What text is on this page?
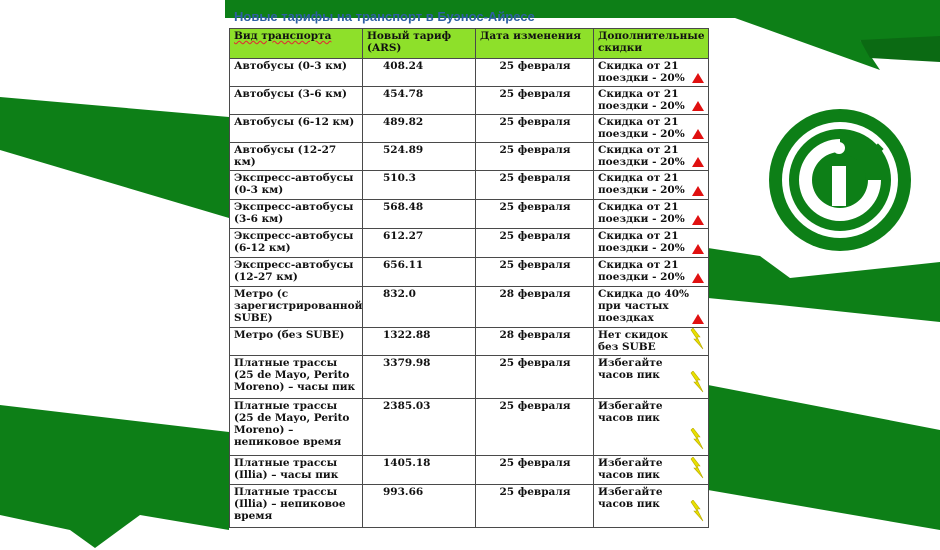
Новые тарифы на транспорт в Буэнос-Айресе
Вид транспорта	Новый тариф (ARS)	Дата изменения	Дополнительные скидки
Автобусы (0-3 км)	408.24	25 февраля	Скидка от 21 поездки - 20%

Автобусы (3-6 км)	454.78	25 февраля	Скидка от 21 поездки - 20%

Автобусы (6-12 км)	489.82	25 февраля	Скидка от 21 поездки - 20%

Автобусы (12-27 км)	524.89	25 февраля	Скидка от 21 поездки - 20%

Экспресс-автобусы (0-3 км)	510.3	25 февраля	Скидка от 21 поездки - 20%

Экспресс-автобусы (3-6 км)	568.48	25 февраля	Скидка от 21 поездки - 20%

Экспресс-автобусы (6-12 км)	612.27	25 февраля	Скидка от 21 поездки - 20%

Экспресс-автобусы (12-27 км)	656.11	25 февраля	Скидка от 21 поездки - 20%

Метро (с зарегистрированной SUBE)	832.0	28 февраля	Скидка до 40% при частых поездках

Метро (без SUBE)	1322.88	28 февраля	Нет скидок без SUBE

Платные трассы (25 de Mayo, Perito Moreno) – часы пик	3379.98	25 февраля	Избегайте часов пик

Платные трассы (25 de Mayo, Perito Moreno) – непиковое время	2385.03	25 февраля	Избегайте часов пик

Платные трассы (Illia) – часы пик	1405.18	25 февраля	Избегайте часов пик

Платные трассы (Illia) – непиковое время	993.66	25 февраля	Избегайте часов пик
